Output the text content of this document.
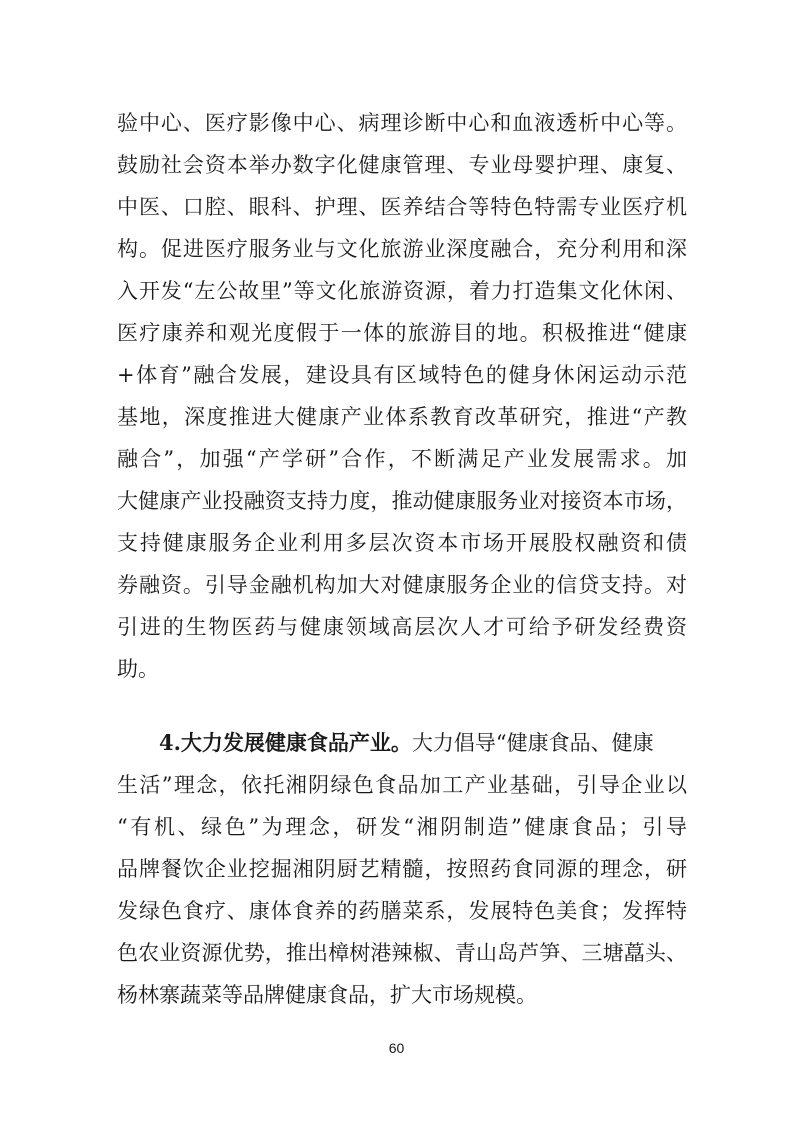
验中心、医疗影像中心、病理诊断中心和血液透析中心等。
鼓励社会资本举办数字化健康管理、专业母婴护理、康复、
中医、口腔、眼科、护理、医养结合等特色特需专业医疗机
构。促进医疗服务业与文化旅游业深度融合，充分利用和深
入开发“左公故里”等文化旅游资源，着力打造集文化休闲、
医疗康养和观光度假于一体的旅游目的地。积极推进“健康
+体育”融合发展，建设具有区域特色的健身休闲运动示范
基地，深度推进大健康产业体系教育改革研究，推进“产教
融合”，加强“产学研”合作，不断满足产业发展需求。加
大健康产业投融资支持力度，推动健康服务业对接资本市场，
支持健康服务企业利用多层次资本市场开展股权融资和债
券融资。引导金融机构加大对健康服务企业的信贷支持。对
引进的生物医药与健康领域高层次人才可给予研发经费资
助。
4.大力发展健康食品产业。大力倡导“健康食品、健康
生活”理念，依托湘阴绿色食品加工产业基础，引导企业以
“有机、绿色”为理念，研发“湘阴制造”健康食品；引导
品牌餐饮企业挖掘湘阴厨艺精髓，按照药食同源的理念，研
发绿色食疗、康体食养的药膳菜系，发展特色美食；发挥特
色农业资源优势，推出樟树港辣椒、青山岛芦笋、三塘藠头、
杨林寨蔬菜等品牌健康食品，扩大市场规模。
60
